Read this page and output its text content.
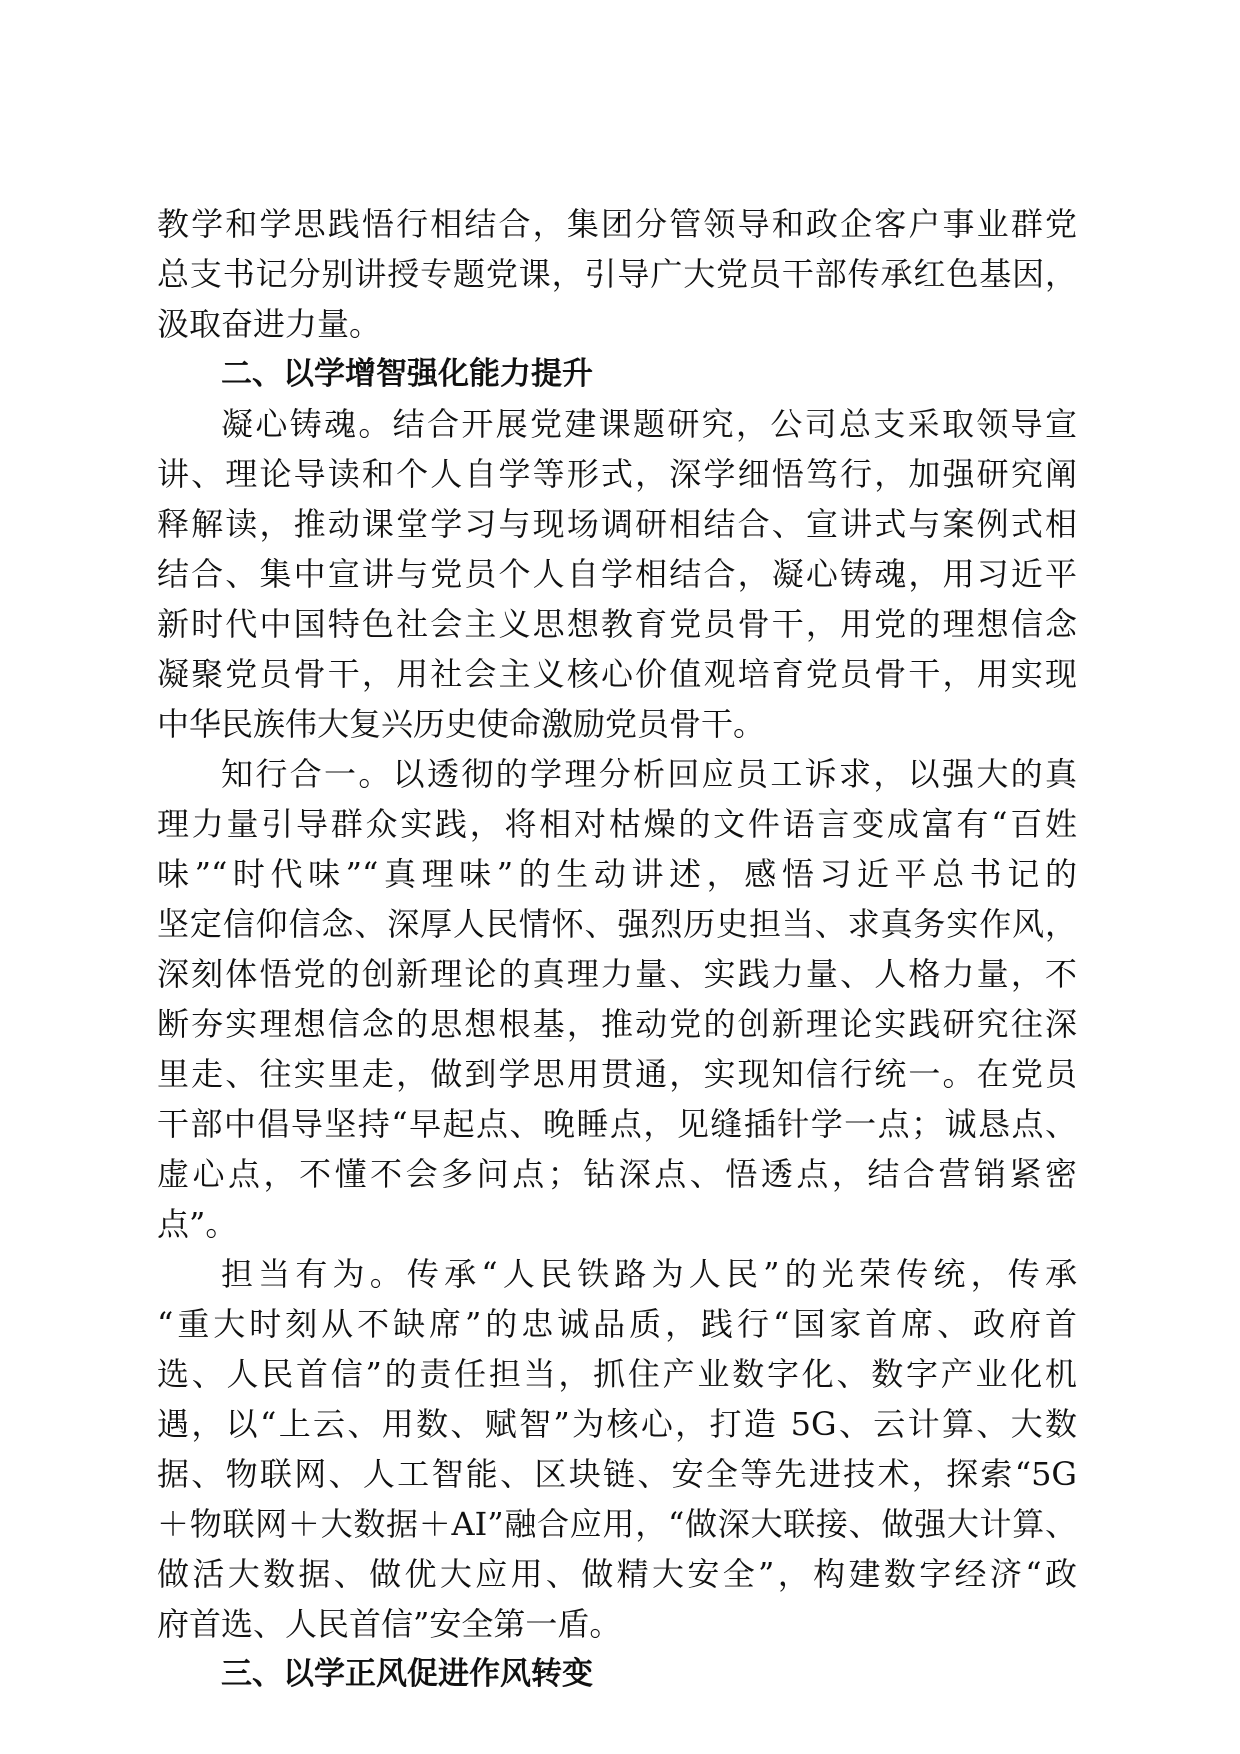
教学和学思践悟行相结合，集团分管领导和政企客户事业群党
总支书记分别讲授专题党课，引导广大党员干部传承红色基因，
汲取奋进力量。
二、以学增智强化能力提升
凝心铸魂。结合开展党建课题研究，公司总支采取领导宣
讲、理论导读和个人自学等形式，深学细悟笃行，加强研究阐
释解读，推动课堂学习与现场调研相结合、宣讲式与案例式相
结合、集中宣讲与党员个人自学相结合，凝心铸魂，用习近平
新时代中国特色社会主义思想教育党员骨干，用党的理想信念
凝聚党员骨干，用社会主义核心价值观培育党员骨干，用实现
中华民族伟大复兴历史使命激励党员骨干。
知行合一。以透彻的学理分析回应员工诉求，以强大的真
理力量引导群众实践，将相对枯燥的文件语言变成富有“百姓
味”“时代味”“真理味”的生动讲述，感悟习近平总书记的
坚定信仰信念、深厚人民情怀、强烈历史担当、求真务实作风，
深刻体悟党的创新理论的真理力量、实践力量、人格力量，不
断夯实理想信念的思想根基，推动党的创新理论实践研究往深
里走、往实里走，做到学思用贯通，实现知信行统一。在党员
干部中倡导坚持“早起点、晚睡点，见缝插针学一点；诚恳点、
虚心点，不懂不会多问点；钻深点、悟透点，结合营销紧密
点”。
担当有为。传承“人民铁路为人民”的光荣传统，传承
“重大时刻从不缺席”的忠诚品质，践行“国家首席、政府首
选、人民首信”的责任担当，抓住产业数字化、数字产业化机
遇，以“上云、用数、赋智”为核心，打造 5G、云计算、大数
据、物联网、人工智能、区块链、安全等先进技术，探索“5G
＋物联网＋大数据＋AI”融合应用，“做深大联接、做强大计算、
做活大数据、做优大应用、做精大安全”，构建数字经济“政
府首选、人民首信”安全第一盾。
三、以学正风促进作风转变
